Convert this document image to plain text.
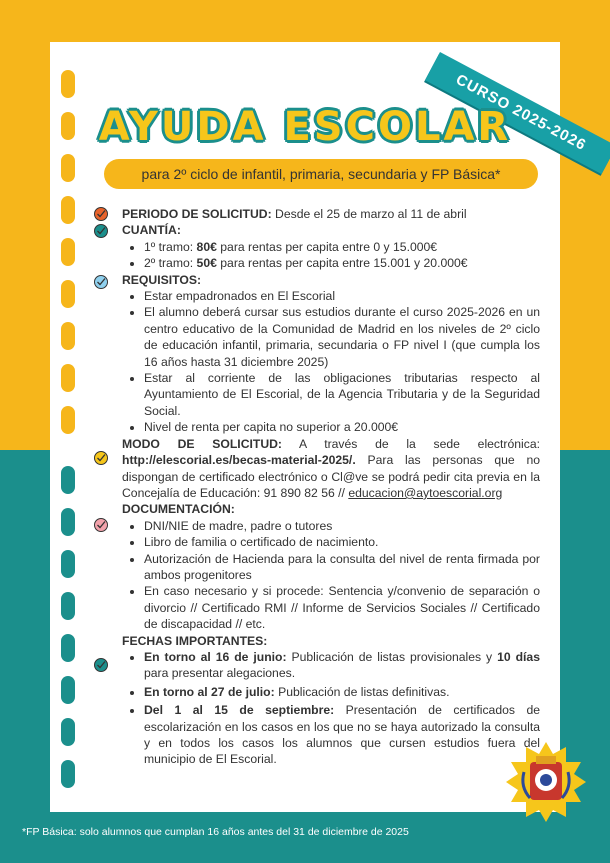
CURSO 2025-2026
AYUDA ESCOLAR
para 2º ciclo de infantil, primaria, secundaria y FP Básica*
PERIODO DE SOLICITUD: Desde el 25 de marzo al 11 de abril
CUANTÍA:
• 1º tramo: 80€ para rentas per capita entre 0 y 15.000€
• 2º tramo: 50€ para rentas per capita entre 15.001 y 20.000€
REQUISITOS:
• Estar empadronados en El Escorial
• El alumno deberá cursar sus estudios durante el curso 2025-2026 en un centro educativo de la Comunidad de Madrid en los niveles de 2º ciclo de educación infantil, primaria, secundaria o FP nivel I (que cumpla los 16 años hasta 31 diciembre 2025)
• Estar al corriente de las obligaciones tributarias respecto al Ayuntamiento de El Escorial, de la Agencia Tributaria y de la Seguridad Social.
• Nivel de renta per capita no superior a 20.000€
MODO DE SOLICITUD: A través de la sede electrónica: http://elescorial.es/becas-material-2025/. Para las personas que no dispongan de certificado electrónico o Cl@ve se podrá pedir cita previa en la Concejalía de Educación: 91 890 82 56 // educacion@aytoescorial.org
DOCUMENTACIÓN:
• DNI/NIE de madre, padre o tutores
• Libro de familia o certificado de nacimiento.
• Autorización de Hacienda para la consulta del nivel de renta firmada por ambos progenitores
• En caso necesario y si procede: Sentencia y/convenio de separación o divorcio // Certificado RMI // Informe de Servicios Sociales // Certificado de discapacidad // etc.
FECHAS IMPORTANTES:
• En torno al 16 de junio: Publicación de listas provisionales y 10 días para presentar alegaciones.
• En torno al 27 de julio: Publicación de listas definitivas.
• Del 1 al 15 de septiembre: Presentación de certificados de escolarización en los casos en los que no se haya autorizado la consulta y en todos los casos los alumnos que cursen estudios fuera del municipio de El Escorial.
*FP Básica: solo alumnos que cumplan 16 años antes del 31 de diciembre de 2025
